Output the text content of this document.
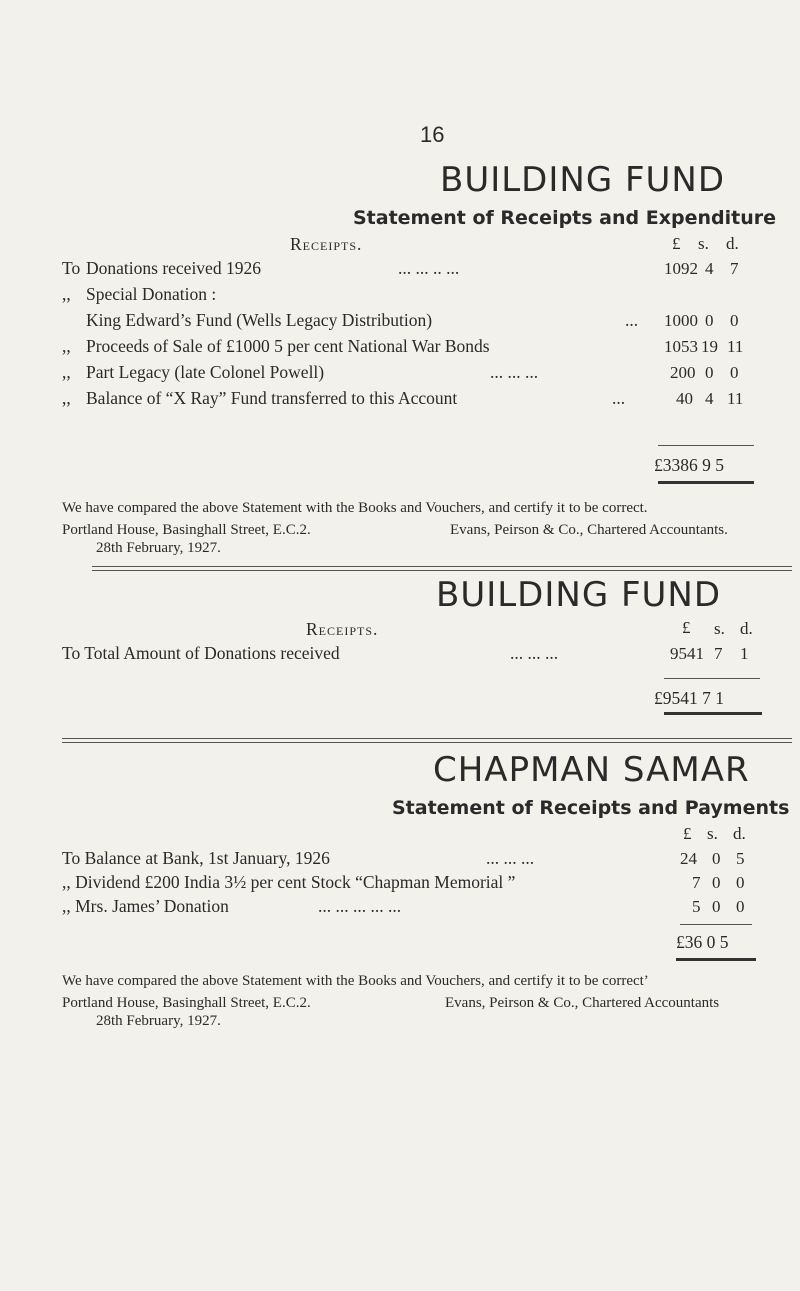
16
BUILDING FUND
Statement of Receipts and Expenditure
Receipts.	£ s. d.
To Donations received 1926	... ... .. ...	1092 4 7
,, Special Donation :
King Edward’s Fund (Wells Legacy Distribution)	... 1000 0 0
,, Proceeds of Sale of £1000 5 per cent National War Bonds	1053 19 11
,, Part Legacy (late Colonel Powell)	... ... ...	200 0 0
,, Balance of “X Ray” Fund transferred to this Account	...	40 4 11
£3386 9 5
We have compared the above Statement with the Books and Vouchers, and certify it to be correct.
Portland House, Basinghall Street, E.C.2.	Evans, Peirson & Co., Chartered Accountants.
28th February, 1927.
BUILDING FUND
Receipts.	£ s. d.
To Total Amount of Donations received	... ... ...	9541 7 1
£9541 7 1
CHAPMAN SAMAR
Statement of Receipts and Payments
£ s. d.
To Balance at Bank, 1st January, 1926	... ... ...	24 0 5
,, Dividend £200 India 3½ per cent Stock “Chapman Memorial ”	7 0 0
,, Mrs. James’ Donation	... ... ... ... ...	5 0 0
£36 0 5
We have compared the above Statement with the Books and Vouchers, and certify it to be correct’
Portland House, Basinghall Street, E.C.2.	Evans, Peirson & Co., Chartered Accountants
28th February, 1927.
